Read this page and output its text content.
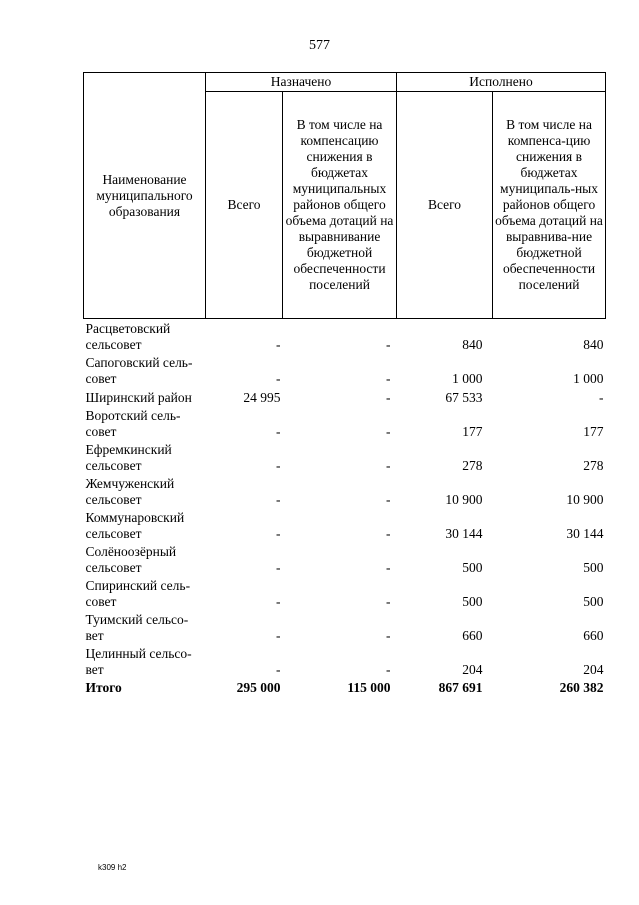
577
Наименование муниципального образования	Назначено		Исполнено	
	Всего	В том числе на компенсацию снижения в бюджетах муниципальных районов общего объема дотаций на выравнивание бюджетной обеспеченности поселений	Всего	В том числе на компенса-цию снижения в бюджетах муниципаль-ных районов общего объема дотаций на выравнива-ние бюджетной обеспеченности поселений
Расцветовский сельсовет	-	-	840	840
Сапоговский сель-совет	-	-	1 000	1 000
Ширинский район	24 995	-	67 533	-
Воротский сель-совет	-	-	177	177
Ефремкинский сельсовет	-	-	278	278
Жемчуженский сельсовет	-	-	10 900	10 900
Коммунаровский сельсовет	-	-	30 144	30 144
Солёноозёрный сельсовет	-	-	500	500
Спиринский сель-совет	-	-	500	500
Туимский сельсо-вет	-	-	660	660
Целинный сельсо-вет	-	-	204	204
Итого	295 000	115 000	867 691	260 382
k309 h2
